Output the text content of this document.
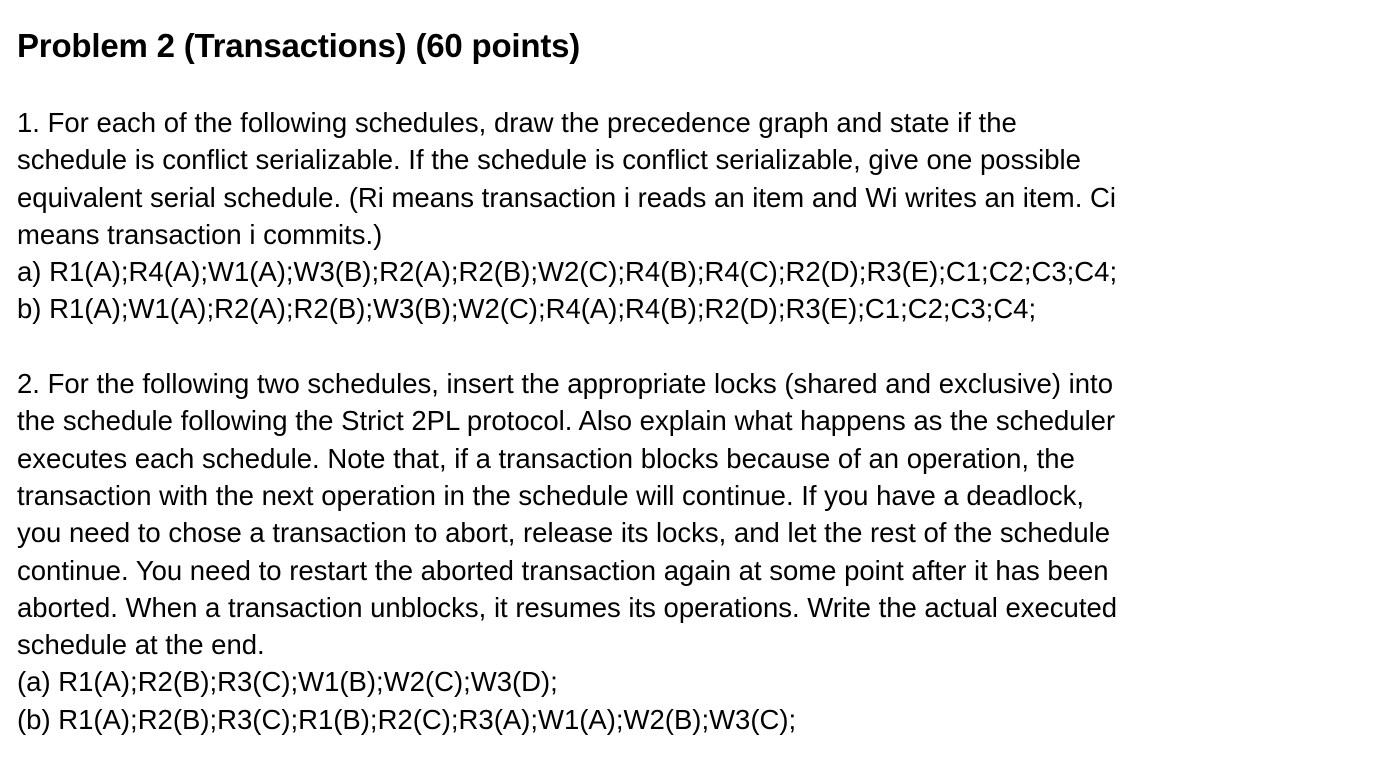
Problem 2 (Transactions) (60 points)
1. For each of the following schedules, draw the precedence graph and state if the
schedule is conflict serializable. If the schedule is conflict serializable, give one possible
equivalent serial schedule. (Ri means transaction i reads an item and Wi writes an item. Ci
means transaction i commits.)
a) R1(A);R4(A);W1(A);W3(B);R2(A);R2(B);W2(C);R4(B);R4(C);R2(D);R3(E);C1;C2;C3;C4;
b) R1(A);W1(A);R2(A);R2(B);W3(B);W2(C);R4(A);R4(B);R2(D);R3(E);C1;C2;C3;C4;
2. For the following two schedules, insert the appropriate locks (shared and exclusive) into
the schedule following the Strict 2PL protocol. Also explain what happens as the scheduler
executes each schedule. Note that, if a transaction blocks because of an operation, the
transaction with the next operation in the schedule will continue. If you have a deadlock,
you need to chose a transaction to abort, release its locks, and let the rest of the schedule
continue. You need to restart the aborted transaction again at some point after it has been
aborted. When a transaction unblocks, it resumes its operations. Write the actual executed
schedule at the end.
(a) R1(A);R2(B);R3(C);W1(B);W2(C);W3(D);
(b) R1(A);R2(B);R3(C);R1(B);R2(C);R3(A);W1(A);W2(B);W3(C);
